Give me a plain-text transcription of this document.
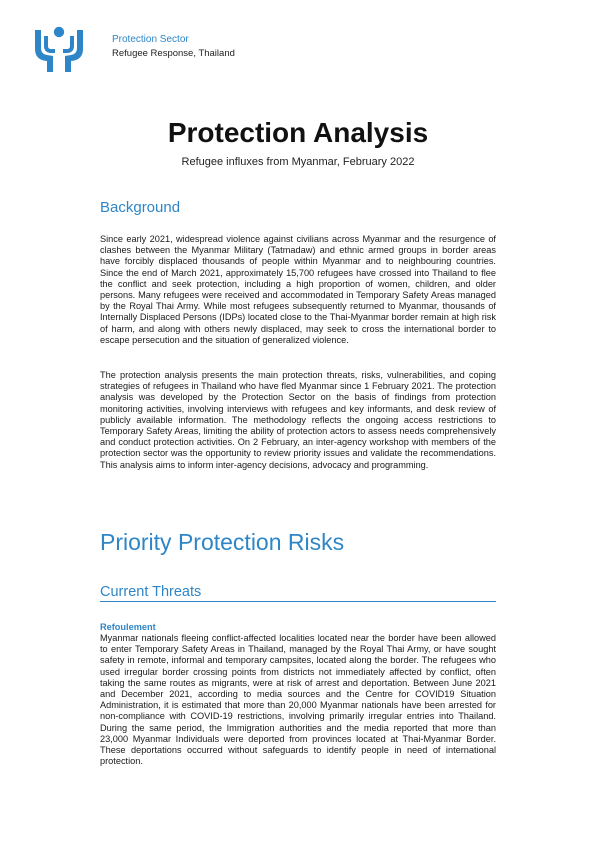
Protection Sector
Refugee Response, Thailand
Protection Analysis

Refugee influxes from Myanmar, February 2022

Background

Since early 2021, widespread violence against civilians across Myanmar and the resurgence of clashes between the Myanmar Military (Tatmadaw) and ethnic armed groups in border areas have forcibly displaced thousands of people within Myanmar and to neighbouring countries. Since the end of March 2021, approximately 15,700 refugees have crossed into Thailand to flee the conflict and seek protection, including a high proportion of women, children, and older persons. Many refugees were received and accommodated in Temporary Safety Areas managed by the Royal Thai Army. While most refugees subsequently returned to Myanmar, thousands of Internally Displaced Persons (IDPs) located close to the Thai-Myanmar border remain at high risk of harm, and along with others newly displaced, may seek to cross the international border to escape persecution and the situation of generalized violence.

The protection analysis presents the main protection threats, risks, vulnerabilities, and coping strategies of refugees in Thailand who have fled Myanmar since 1 February 2021. The protection analysis was developed by the Protection Sector on the basis of findings from protection monitoring activities, involving interviews with refugees and key informants, and desk review of publicly available information. The methodology reflects the ongoing access restrictions to Temporary Safety Areas, limiting the ability of protection actors to assess needs comprehensively and conduct protection activities. On 2 February, an inter-agency workshop with members of the protection sector was the opportunity to review priority issues and validate the recommendations. This analysis aims to inform inter-agency decisions, advocacy and programming.

Priority Protection Risks
Current Threats

Refoulement

Myanmar nationals fleeing conflict-affected localities located near the border have been allowed to enter Temporary Safety Areas in Thailand, managed by the Royal Thai Army, or have sought safety in remote, informal and temporary campsites, located along the border. The refugees who used irregular border crossing points from districts not immediately affected by conflict, often taking the same routes as migrants, were at risk of arrest and deportation. Between June 2021 and December 2021, according to media sources and the Centre for COVID19 Situation Administration, it is estimated that more than 20,000 Myanmar nationals have been arrested for non-compliance with COVID-19 restrictions, involving primarily irregular entries into Thailand. During the same period, the Immigration authorities and the media reported that more than 23,000 Myanmar Individuals were deported from provinces located at Thai-Myanmar Border. These deportations occurred without safeguards to identify people in need of international protection.
